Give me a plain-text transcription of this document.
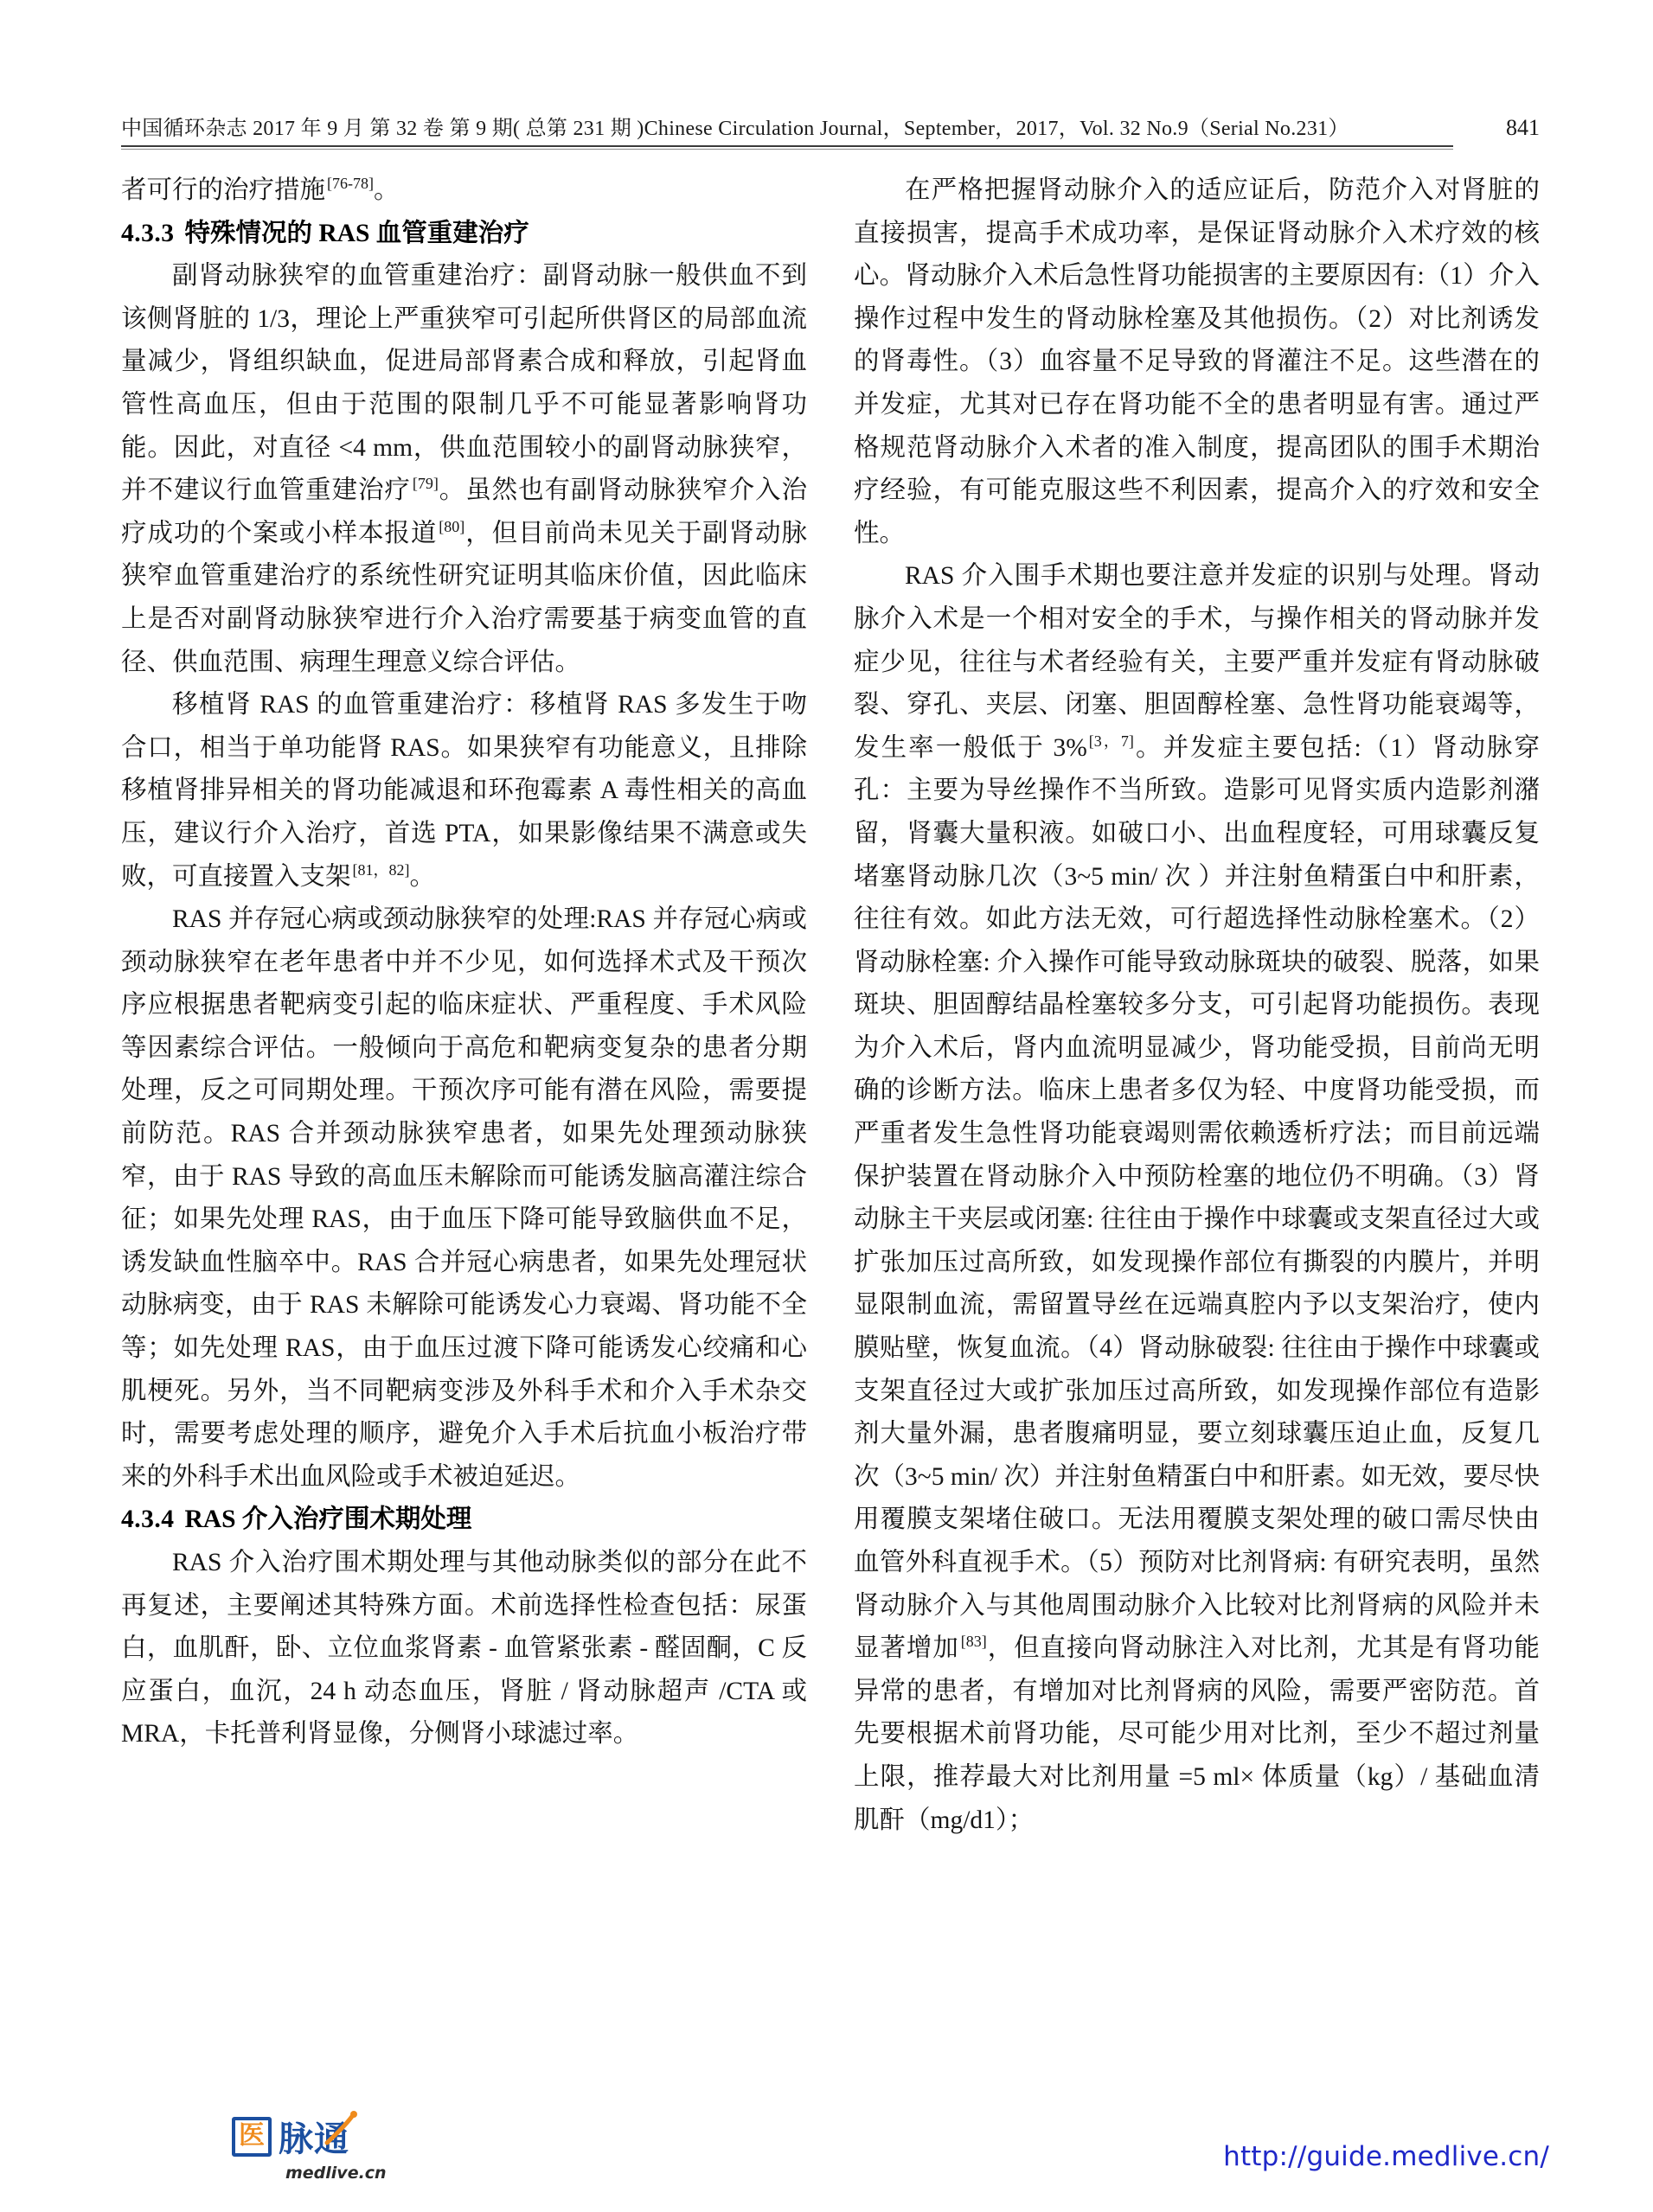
中国循环杂志 2017 年 9 月 第 32 卷 第 9 期( 总第 231 期 )Chinese Circulation Journal，September，2017，Vol. 32 No.9（Serial No.231）	841

者可行的治疗措施 [76-78]。

4.3.3 特殊情况的 RAS 血管重建治疗

副肾动脉狭窄的血管重建治疗：副肾动脉一般供血不到该侧肾脏的 1/3，理论上严重狭窄可引起所供肾区的局部血流量减少，肾组织缺血，促进局部肾素合成和释放，引起肾血管性高血压，但由于范围的限制几乎不可能显著影响肾功能。因此，对直径 <4 mm，供血范围较小的副肾动脉狭窄，并不建议行血管重建治疗 [79]。虽然也有副肾动脉狭窄介入治疗成功的个案或小样本报道 [80]，但目前尚未见关于副肾动脉狭窄血管重建治疗的系统性研究证明其临床价值，因此临床上是否对副肾动脉狭窄进行介入治疗需要基于病变血管的直径、供血范围、病理生理意义综合评估。

移植肾 RAS 的血管重建治疗：移植肾 RAS 多发生于吻合口，相当于单功能肾 RAS。如果狭窄有功能意义，且排除移植肾排异相关的肾功能减退和环孢霉素 A 毒性相关的高血压，建议行介入治疗，首选 PTA，如果影像结果不满意或失败，可直接置入支架 [81，82]。

RAS 并存冠心病或颈动脉狭窄的处理:RAS 并存冠心病或颈动脉狭窄在老年患者中并不少见，如何选择术式及干预次序应根据患者靶病变引起的临床症状、严重程度、手术风险等因素综合评估。一般倾向于高危和靶病变复杂的患者分期处理，反之可同期处理。干预次序可能有潜在风险，需要提前防范。RAS 合并颈动脉狭窄患者，如果先处理颈动脉狭窄，由于 RAS 导致的高血压未解除而可能诱发脑高灌注综合征；如果先处理 RAS，由于血压下降可能导致脑供血不足，诱发缺血性脑卒中。RAS 合并冠心病患者，如果先处理冠状动脉病变，由于 RAS 未解除可能诱发心力衰竭、肾功能不全等；如先处理 RAS，由于血压过渡下降可能诱发心绞痛和心肌梗死。另外，当不同靶病变涉及外科手术和介入手术杂交时，需要考虑处理的顺序，避免介入手术后抗血小板治疗带来的外科手术出血风险或手术被迫延迟。

4.3.4 RAS 介入治疗围术期处理

RAS 介入治疗围术期处理与其他动脉类似的部分在此不再复述，主要阐述其特殊方面。术前选择性检查包括：尿蛋白，血肌酐，卧、立位血浆肾素 - 血管紧张素 - 醛固酮，C 反应蛋白，血沉，24 h 动态血压，肾脏 / 肾动脉超声 /CTA 或 MRA，卡托普利肾显像，分侧肾小球滤过率。

在严格把握肾动脉介入的适应证后，防范介入对肾脏的直接损害，提高手术成功率，是保证肾动脉介入术疗效的核心。肾动脉介入术后急性肾功能损害的主要原因有:（1）介入操作过程中发生的肾动脉栓塞及其他损伤。（2）对比剂诱发的肾毒性。（3）血容量不足导致的肾灌注不足。这些潜在的并发症，尤其对已存在肾功能不全的患者明显有害。通过严格规范肾动脉介入术者的准入制度，提高团队的围手术期治疗经验，有可能克服这些不利因素，提高介入的疗效和安全性。

RAS 介入围手术期也要注意并发症的识别与处理。肾动脉介入术是一个相对安全的手术，与操作相关的肾动脉并发症少见，往往与术者经验有关，主要严重并发症有肾动脉破裂、穿孔、夹层、闭塞、胆固醇栓塞、急性肾功能衰竭等，发生率一般低于 3% [3，7]。并发症主要包括:（1）肾动脉穿孔：主要为导丝操作不当所致。造影可见肾实质内造影剂潴留，肾囊大量积液。如破口小、出血程度轻，可用球囊反复堵塞肾动脉几次（3~5 min/ 次 ）并注射鱼精蛋白中和肝素，往往有效。如此方法无效，可行超选择性动脉栓塞术。（2）肾动脉栓塞: 介入操作可能导致动脉斑块的破裂、脱落，如果斑块、胆固醇结晶栓塞较多分支，可引起肾功能损伤。表现为介入术后，肾内血流明显减少，肾功能受损，目前尚无明确的诊断方法。临床上患者多仅为轻、中度肾功能受损，而严重者发生急性肾功能衰竭则需依赖透析疗法；而目前远端保护装置在肾动脉介入中预防栓塞的地位仍不明确。（3）肾动脉主干夹层或闭塞: 往往由于操作中球囊或支架直径过大或扩张加压过高所致，如发现操作部位有撕裂的内膜片，并明显限制血流，需留置导丝在远端真腔内予以支架治疗，使内膜贴壁，恢复血流。（4）肾动脉破裂: 往往由于操作中球囊或支架直径过大或扩张加压过高所致，如发现操作部位有造影剂大量外漏，患者腹痛明显，要立刻球囊压迫止血，反复几次（3~5 min/ 次）并注射鱼精蛋白中和肝素。如无效，要尽快用覆膜支架堵住破口。无法用覆膜支架处理的破口需尽快由血管外科直视手术。（5）预防对比剂肾病: 有研究表明，虽然肾动脉介入与其他周围动脉介入比较对比剂肾病的风险并未显著增加 [83]，但直接向肾动脉注入对比剂，尤其是有肾功能异常的患者，有增加对比剂肾病的风险，需要严密防范。首先要根据术前肾功能，尽可能少用对比剂，至少不超过剂量上限，推荐最大对比剂用量 =5 ml× 体质量（kg）/ 基础血清肌酐（mg/d1）；

医 脉通
medlive.cn
http://guide.medlive.cn/
